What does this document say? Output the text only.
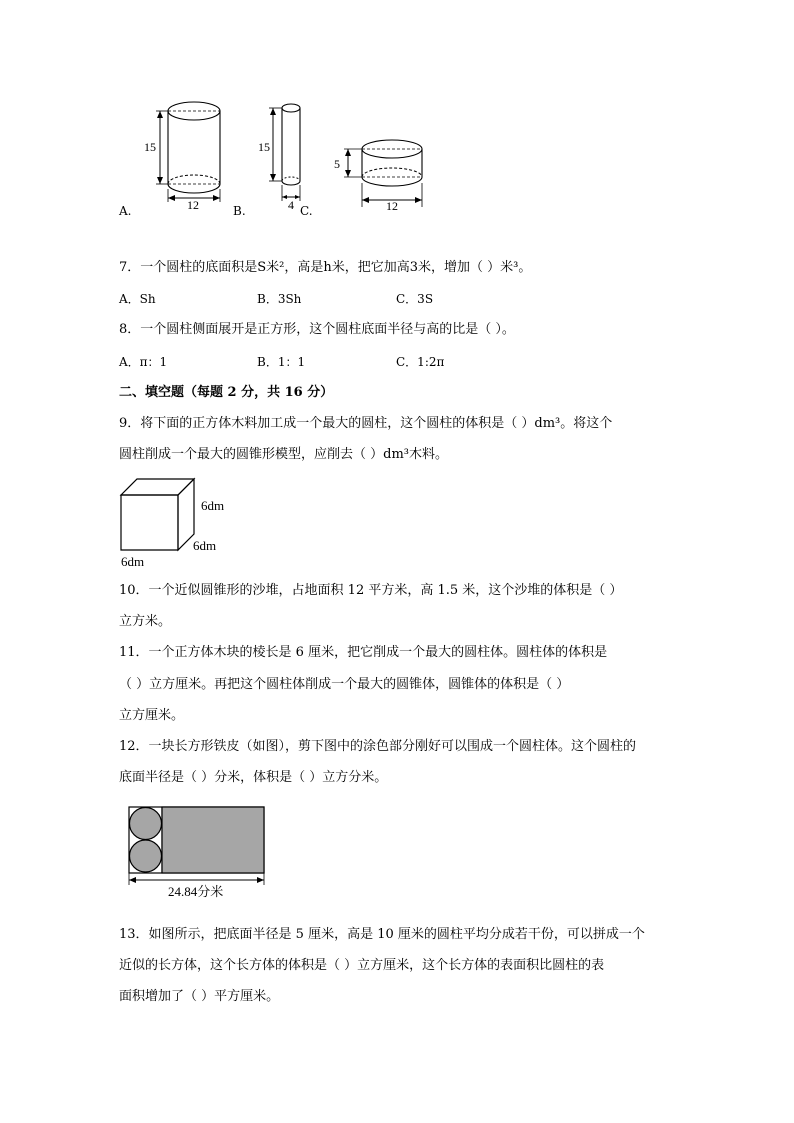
15
12
15
4
5
12
A.	B.	C.
7．一个圆柱的底面积是S米²，高是h米，把它加高3米，增加（ ）米³。
A．Sh	B．3Sh	C．3S
8．一个圆柱侧面展开是正方形，这个圆柱底面半径与高的比是（ ）。
A．π：1	B．1：1	C．1:2π
二、填空题（每题 2 分，共 16 分）
9．将下面的正方体木料加工成一个最大的圆柱，这个圆柱的体积是（ ）dm³。将这个
圆柱削成一个最大的圆锥形模型，应削去（ ）dm³木料。
6dm
6dm
6dm
10．一个近似圆锥形的沙堆，占地面积 12 平方米，高 1.5 米，这个沙堆的体积是（ ）
立方米。
11．一个正方体木块的棱长是 6 厘米，把它削成一个最大的圆柱体。圆柱体的体积是
（ ）立方厘米。再把这个圆柱体削成一个最大的圆锥体，圆锥体的体积是（ ）
立方厘米。
12．一块长方形铁皮（如图），剪下图中的涂色部分刚好可以围成一个圆柱体。这个圆柱的
底面半径是（ ）分米，体积是（ ）立方分米。
24.84分米
13．如图所示，把底面半径是 5 厘米，高是 10 厘米的圆柱平均分成若干份，可以拼成一个
近似的长方体，这个长方体的体积是（ ）立方厘米，这个长方体的表面积比圆柱的表
面积增加了（ ）平方厘米。
